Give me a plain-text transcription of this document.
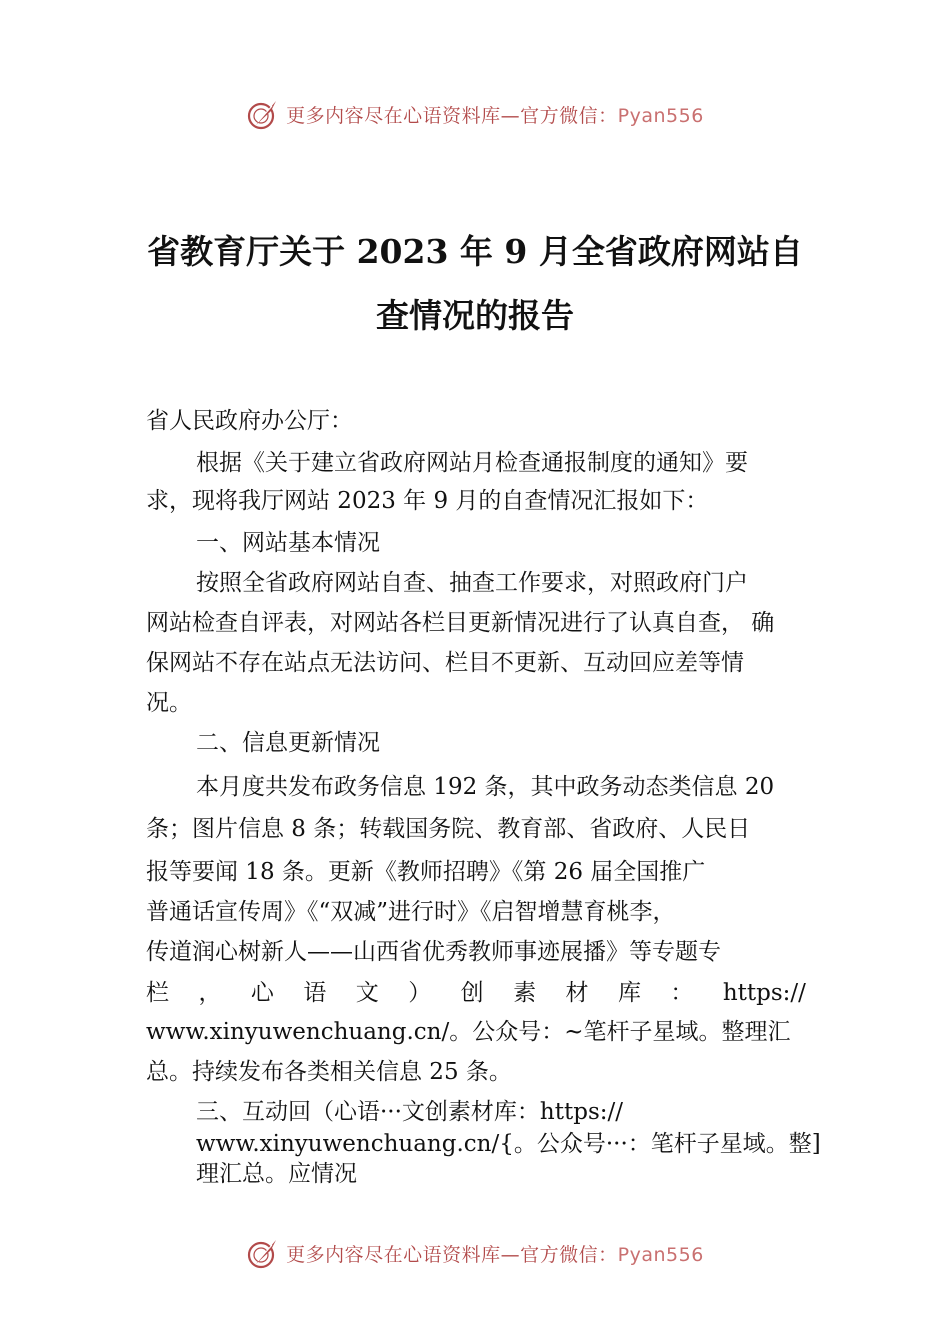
更多内容尽在心语资料库—官方微信：Pyan556
省教育厅关于 2023 年 9 月全省政府网站自
查情况的报告
省人民政府办公厅：
根据《关于建立省政府网站月检查通报制度的通知》要
求，现将我厅网站 2023 年 9 月的自查情况汇报如下：
一、网站基本情况
按照全省政府网站自查、抽查工作要求，对照政府门户
网站检查自评表，对网站各栏目更新情况进行了认真自查， 确
保网站不存在站点无法访问、栏目不更新、互动回应差等情
况。
二、信息更新情况
本月度共发布政务信息 192 条，其中政务动态类信息 20
条；图片信息 8 条；转载国务院、教育部、省政府、人民日
报等要闻 18 条。更新《教师招聘》《第 26 届全国推广
普通话宣传周》《“双减”进行时》《启智增慧育桃李，
传道润心树新人——山西省优秀教师事迹展播》等专题专
栏 ， 心 语 文 ） 创 素 材 库 ： https://
www.xinyuwenchuang.cn/。公众号：~笔杆子星域。整理汇
总。持续发布各类相关信息 25 条。
三、互动回（心语···文创素材库：https://
www.xinyuwenchuang.cn/{。公众号···：笔杆子星域。整]
理汇总。应情况
更多内容尽在心语资料库—官方微信：Pyan556
